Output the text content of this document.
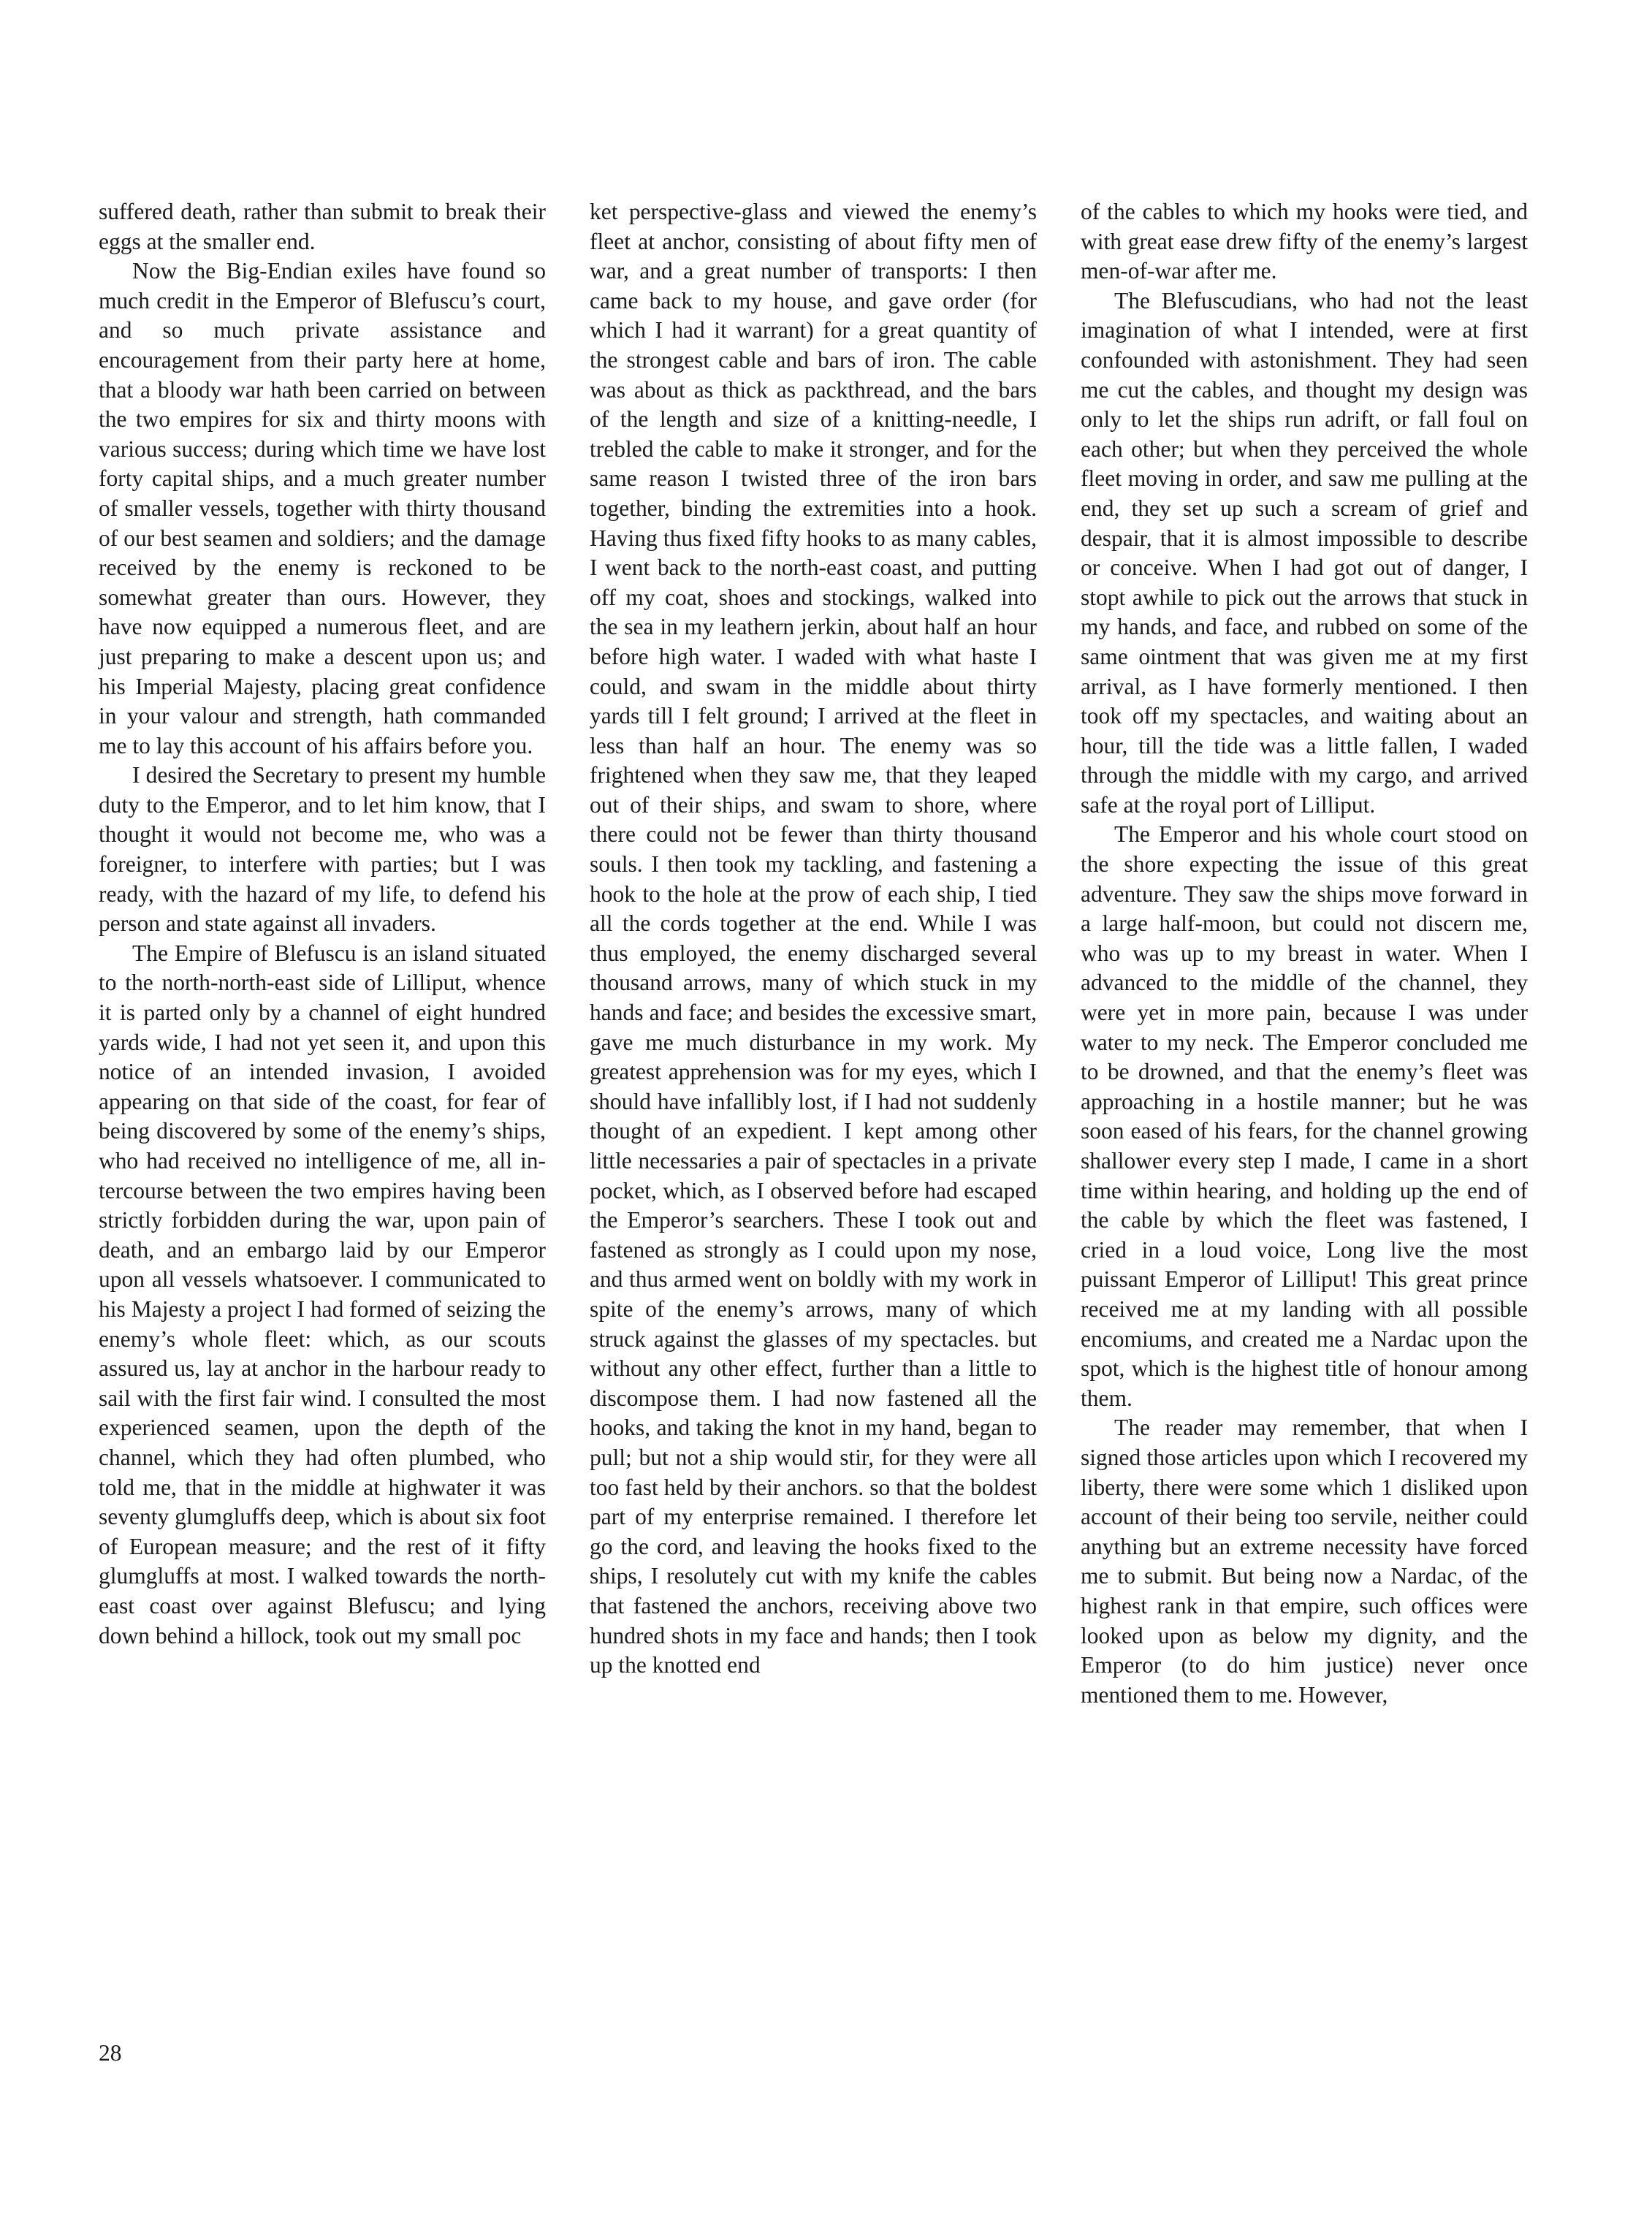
suffered death, rather than submit to break their eggs at the smaller end.

Now the Big-Endian exiles have found so much credit in the Emperor of Blefuscu’s court, and so much private assistance and encouragement from their party here at home, that a bloody war hath been carried on between the two empires for six and thirty moons with various success; during which time we have lost forty capital ships, and a much greater number of smaller vessels, together with thirty thousand of our best seamen and soldiers; and the damage received by the enemy is reckoned to be somewhat greater than ours. However, they have now equipped a numerous fleet, and are just preparing to make a descent upon us; and his Imperial Majesty, placing great confidence in your valour and strength, hath commanded me to lay this account of his affairs before you.

I desired the Secretary to present my humble duty to the Emperor, and to let him know, that I thought it would not become me, who was a foreigner, to interfere with parties; but I was ready, with the hazard of my life, to defend his person and state against all invaders.

The Empire of Blefuscu is an island situated to the north-north-east side of Lilliput, whence it is parted only by a channel of eight hundred yards wide, I had not yet seen it, and upon this notice of an intended invasion, I avoided appearing on that side of the coast, for fear of being discovered by some of the enemy’s ships, who had received no intelligence of me, all intercourse between the two empires having been strictly forbidden during the war, upon pain of death, and an embargo laid by our Emperor upon all vessels whatsoever. I communicated to his Majesty a project I had formed of seizing the enemy’s whole fleet: which, as our scouts assured us, lay at anchor in the harbour ready to sail with the first fair wind. I consulted the most experienced seamen, upon the depth of the channel, which they had often plumbed, who told me, that in the middle at highwater it was seventy glumgluffs deep, which is about six foot of European measure; and the rest of it fifty glumgluffs at most. I walked towards the north-east coast over against Blefuscu; and lying down behind a hillock, took out my small poc

ket perspective-glass and viewed the enemy’s fleet at anchor, consisting of about fifty men of war, and a great number of transports: I then came back to my house, and gave order (for which I had it warrant) for a great quantity of the strongest cable and bars of iron. The cable was about as thick as packthread, and the bars of the length and size of a knitting-needle, I trebled the cable to make it stronger, and for the same reason I twisted three of the iron bars together, binding the extremities into a hook. Having thus fixed fifty hooks to as many cables, I went back to the north-east coast, and putting off my coat, shoes and stockings, walked into the sea in my leathern jerkin, about half an hour before high water. I waded with what haste I could, and swam in the middle about thirty yards till I felt ground; I arrived at the fleet in less than half an hour. The enemy was so frightened when they saw me, that they leaped out of their ships, and swam to shore, where there could not be fewer than thirty thousand souls. I then took my tackling, and fastening a hook to the hole at the prow of each ship, I tied all the cords together at the end. While I was thus employed, the enemy discharged several thousand arrows, many of which stuck in my hands and face; and besides the excessive smart, gave me much disturbance in my work. My greatest apprehension was for my eyes, which I should have infallibly lost, if I had not suddenly thought of an expedient. I kept among other little necessaries a pair of spectacles in a private pocket, which, as I observed before had escaped the Emperor’s searchers. These I took out and fastened as strongly as I could upon my nose, and thus armed went on boldly with my work in spite of the enemy’s arrows, many of which struck against the glasses of my spectacles. but without any other effect, further than a little to discompose them. I had now fastened all the hooks, and taking the knot in my hand, began to pull; but not a ship would stir, for they were all too fast held by their anchors. so that the boldest part of my enterprise remained. I therefore let go the cord, and leaving the hooks fixed to the ships, I resolutely cut with my knife the cables that fastened the anchors, receiving above two hundred shots in my face and hands; then I took up the knotted end

of the cables to which my hooks were tied, and with great ease drew fifty of the enemy’s largest men-of-war after me.

The Blefuscudians, who had not the least imagination of what I intended, were at first confounded with astonishment. They had seen me cut the cables, and thought my design was only to let the ships run adrift, or fall foul on each other; but when they perceived the whole fleet moving in order, and saw me pulling at the end, they set up such a scream of grief and despair, that it is almost impossible to describe or conceive. When I had got out of danger, I stopt awhile to pick out the arrows that stuck in my hands, and face, and rubbed on some of the same ointment that was given me at my first arrival, as I have formerly mentioned. I then took off my spectacles, and waiting about an hour, till the tide was a little fallen, I waded through the middle with my cargo, and arrived safe at the royal port of Lilliput.

The Emperor and his whole court stood on the shore expecting the issue of this great adventure. They saw the ships move forward in a large half-moon, but could not discern me, who was up to my breast in water. When I advanced to the middle of the channel, they were yet in more pain, because I was under water to my neck. The Emperor concluded me to be drowned, and that the enemy’s fleet was approaching in a hostile manner; but he was soon eased of his fears, for the channel growing shallower every step I made, I came in a short time within hearing, and holding up the end of the cable by which the fleet was fastened, I cried in a loud voice, Long live the most puissant Emperor of Lilliput! This great prince received me at my landing with all possible encomiums, and created me a Nardac upon the spot, which is the highest title of honour among them.

The reader may remember, that when I signed those articles upon which I recovered my liberty, there were some which 1 disliked upon account of their being too servile, neither could anything but an extreme necessity have forced me to submit. But being now a Nardac, of the highest rank in that empire, such offices were looked upon as below my dignity, and the Emperor (to do him justice) never once mentioned them to me. However,

28
